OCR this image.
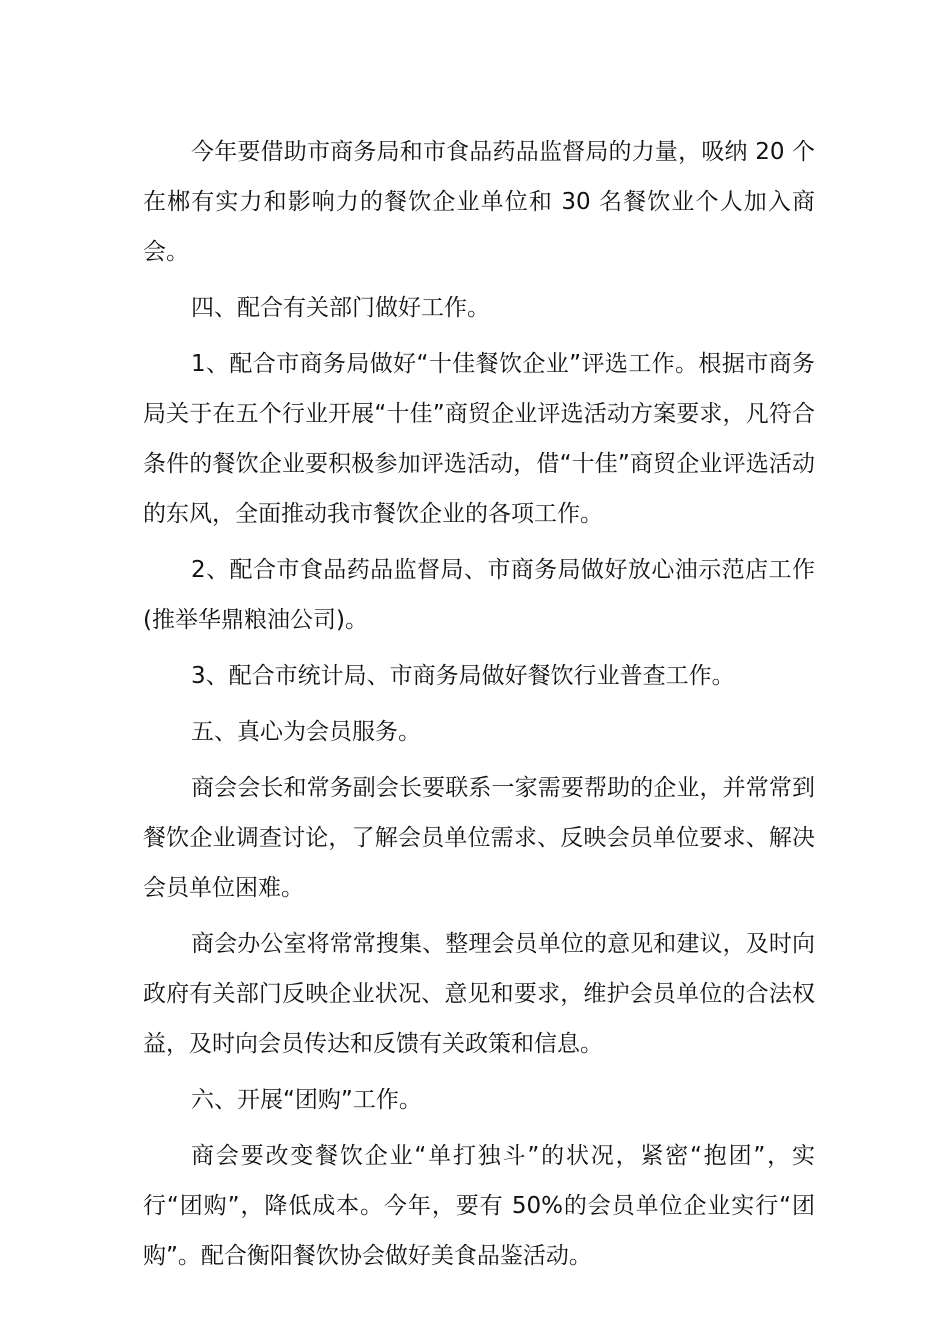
今年要借助市商务局和市食品药品监督局的力量，吸纳 20 个在郴有实力和影响力的餐饮企业单位和 30 名餐饮业个人加入商会。

四、配合有关部门做好工作。

1、配合市商务局做好“十佳餐饮企业”评选工作。根据市商务局关于在五个行业开展“十佳”商贸企业评选活动方案要求，凡符合条件的餐饮企业要积极参加评选活动，借“十佳”商贸企业评选活动的东风，全面推动我市餐饮企业的各项工作。

2、配合市食品药品监督局、市商务局做好放心油示范店工作(推举华鼎粮油公司)。

3、配合市统计局、市商务局做好餐饮行业普查工作。

五、真心为会员服务。

商会会长和常务副会长要联系一家需要帮助的企业，并常常到餐饮企业调查讨论，了解会员单位需求、反映会员单位要求、解决会员单位困难。

商会办公室将常常搜集、整理会员单位的意见和建议，及时向政府有关部门反映企业状况、意见和要求，维护会员单位的合法权益，及时向会员传达和反馈有关政策和信息。

六、开展“团购”工作。

商会要改变餐饮企业“单打独斗”的状况，紧密“抱团”，实行“团购”，降低成本。今年，要有 50%的会员单位企业实行“团购”。配合衡阳餐饮协会做好美食品鉴活动。
